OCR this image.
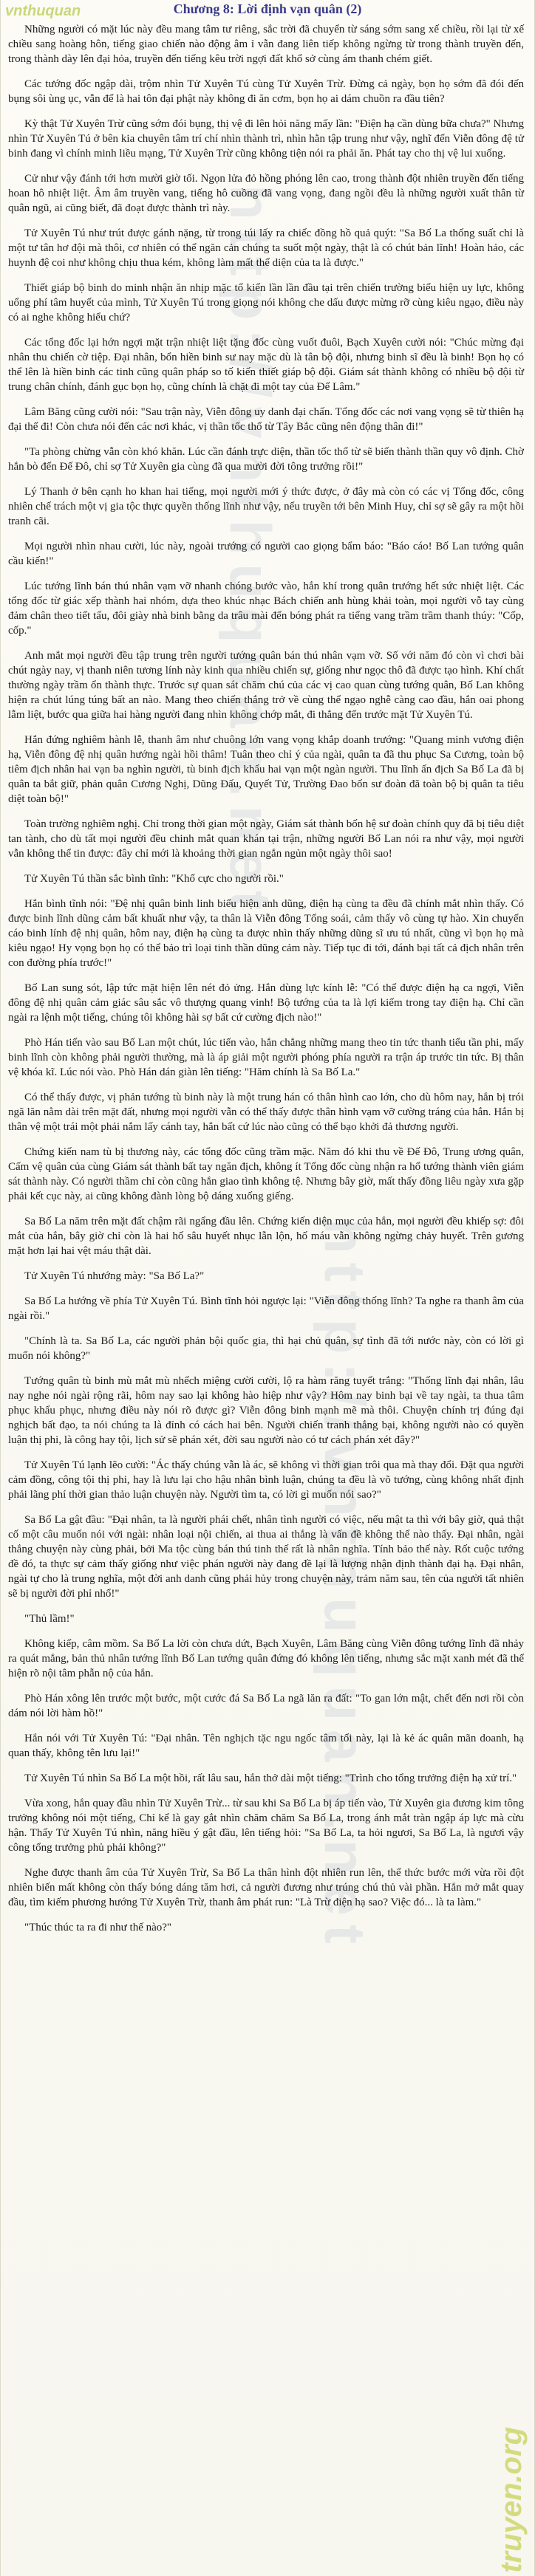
vnthuquan
http://vnthuquan.net
http://vnthuquan.net
truyen.org
Chương 8: Lời định vạn quân (2)

Những người có mặt lúc này đều mang tâm tư riêng, sắc trời đã chuyển từ sáng sớm sang xế chiều, rồi lại từ xế chiều sang hoàng hôn, tiếng giao chiến nào động âm ỉ vẫn đang liên tiếp không ngừng từ trong thành truyền đến, trong thành dày lên đại hỏa, truyền đến tiếng kêu trời ngợi đất khổ sở cùng ám thanh chém giết.

Các tướng đốc ngập dài, trộm nhìn Tử Xuyên Tú cùng Tử Xuyên Trừ. Đừng cả ngày, bọn họ sớm đã đói đến bụng sôi ùng ục, vẫn để là hai tôn đại phật này không đi ăn cơm, bọn họ ai dám chuồn ra đầu tiên?

Kỳ thật Tử Xuyên Trừ cũng sớm đói bụng, thị vệ đi lên hỏi năng mấy lần: "Điện hạ cần dùng bữa chưa?" Nhưng nhìn Tử Xuyên Tú ở bên kia chuyên tâm trí chí nhìn thành trì, nhìn hằn tập trung như vậy, nghĩ đến Viễn đông đệ tử binh đang vì chính minh liều mạng, Tử Xuyên Trừ cũng không tiện nói ra phải ăn. Phát tay cho thị vệ lui xuống.

Cử như vậy đánh tới hơn mười giờ tối. Ngọn lửa đỏ hồng phóng lên cao, trong thành đột nhiên truyền đến tiếng hoan hô nhiệt liệt. Âm âm truyền vang, tiếng hô cuồng đã vang vọng, đang ngồi đều là những người xuất thân từ quân ngũ, ai cũng biết, đã đoạt được thành trì này.

Tử Xuyên Tú như trút được gánh nặng, từ trong túi lấy ra chiếc đồng hồ quả quýt: "Sa Bố La thống suất chỉ là một tư tân hơ đội mà thôi, cơ nhiên có thể ngăn cản chúng ta suốt một ngày, thật là có chút bản lĩnh! Hoàn hảo, các huynh đệ coi như không chịu thua kém, không làm mất thể diện của ta là được."

Thiết giáp bộ binh do minh nhận ăn nhịp mặc tố kiến lần lần đầu tại trên chiến trường biểu hiện uy lực, không uổng phí tâm huyết của mình, Tử Xuyên Tú trong giọng nói không che dấu được mừng rỡ cùng kiêu ngạo, điều này có ai nghe không hiểu chứ?

Các tổng đốc lại hớn ngợi mặt trận nhiệt liệt tặng đốc cùng vuốt đuôi, Bạch Xuyên cười nói: "Chúc mừng đại nhân thu chiến cờ tiệp. Đại nhân, bổn hiền binh sư nay mặc dù là tân bộ đội, nhưng binh sĩ đều là binh! Bọn họ có thể lên là hiền binh các tinh cũng quân pháp so tố kiến thiết giáp bộ đội. Giám sát thành không có nhiều bộ đội từ trung chân chính, đánh gục bọn họ, cũng chính là chặt đi một tay của Đế Lâm."

Lâm Băng cũng cười nói: "Sau trận này, Viễn đông uy danh đại chấn. Tổng đốc các nơi vang vọng sẽ từ thiên hạ đại thế đi! Còn chưa nói đến các nơi khác, vị thần tốc thổ từ Tây Bắc cũng nên động thân đi!"

"Ta phòng chừng vẫn còn khó khăn. Lúc cần đánh trực diện, thần tốc thổ từ sẽ biến thành thần quy vô định. Chờ hắn bò đến Đế Đô, chỉ sợ Tử Xuyên gia cùng đã qua mười đời tông trưởng rồi!"

Lý Thanh ở bên cạnh ho khan hai tiếng, mọi người mới ý thức được, ở đây mà còn có các vị Tổng đốc, công nhiên chế trách một vị gia tộc thực quyền thống lĩnh như vậy, nếu truyền tới bên Minh Huy, chỉ sợ sẽ gây ra một hồi tranh cãi.

Mọi người nhìn nhau cười, lúc này, ngoài trướng có người cao giọng bẩm báo: "Báo cáo! Bố Lan tướng quân cầu kiến!"

Lúc tướng lĩnh bán thú nhân vạm vỡ nhanh chóng bước vào, hắn khí trong quân trướng hết sức nhiệt liệt. Các tổng đốc từ giác xếp thành hai nhóm, dựa theo khúc nhạc Bách chiến anh hùng khải toàn, mọi người vỗ tay cùng đảm chân theo tiết tấu, đôi giày nhà binh bằng da trâu mài đến bóng phát ra tiếng vang trầm trầm thanh thúy: "Cốp, cốp."

Anh mắt mọi người đều tập trung trên người tướng quân bán thú nhân vạm vỡ. Số với năm đó còn vì chơi bài chút ngày nay, vị thanh niên tương lính này kinh qua nhiều chiến sự, giống như ngọc thô đã được tạo hình. Khí chất thường ngày trầm ổn thành thực. Trước sự quan sát chăm chú của các vị cao quan cùng tướng quân, Bố Lan không hiện ra chút lúng túng bất an nào. Mang theo chiến thắng trở về cùng thể ngạo nghễ càng cao đầu, hắn oai phong lẫm liệt, bước qua giữa hai hàng người đang nhìn không chớp mắt, đi thẳng đến trước mặt Tử Xuyên Tú.

Hắn đứng nghiêm hành lễ, thanh âm như chuông lớn vang vọng khắp doanh trướng: "Quang minh vương điện hạ, Viễn đông đệ nhị quân hướng ngài hồi thâm! Tuân theo chỉ ý của ngài, quân ta đã thu phục Sa Cương, toàn bộ tiêm địch nhân hai vạn ba nghìn người, tù binh địch khẩu hai vạn một ngàn người. Thu lĩnh ấn địch Sa Bố La đã bị quân ta bắt giữ, phản quân Cương Nghị, Dũng Đấu, Quyết Tử, Trường Đao bốn sư đoàn đã toàn bộ bị quân ta tiêu diệt toàn bộ!"

Toàn trường nghiêm nghị. Chỉ trong thời gian một ngày, Giám sát thành bốn hệ sư đoàn chính quy đã bị tiêu diệt tan tành, cho dù tất mọi người đều chinh mắt quan khán tại trận, những người Bố Lan nói ra như vậy, mọi người vẫn không thể tin được: đây chỉ mới là khoảng thời gian ngắn ngủn một ngày thôi sao!

Tử Xuyên Tú thần sắc bình tĩnh: "Khổ cực cho người rồi."

Hắn bình tĩnh nói: "Đệ nhị quân binh linh biểu hiện anh dũng, điện hạ cùng ta đều đã chính mắt nhìn thấy. Có được binh lĩnh dũng cảm bất khuất như vậy, ta thân là Viễn đông Tổng soái, cảm thấy vô cùng tự hào. Xin chuyển cáo binh lính đệ nhị quân, hôm nay, điện hạ cùng ta được nhìn thấy những dũng sĩ ưu tú nhất, cũng vì bọn họ mà kiêu ngạo! Hy vọng bọn họ có thể bảo trì loại tinh thần dũng cảm này. Tiếp tục đi tới, đánh bại tất cả địch nhân trên con đường phía trước!"

Bố Lan sung sót, lập tức mặt hiện lên nét đỏ ửng. Hắn dùng lực kính lễ: "Có thể được điện hạ ca ngợi, Viễn đông đệ nhị quân cảm giác sâu sắc vô thượng quang vinh! Bộ tướng của ta là lợi kiếm trong tay điện hạ. Chỉ cần ngài ra lệnh một tiếng, chúng tôi không hài sợ bất cứ cường địch nào!"

Phò Hán tiến vào sau Bố Lan một chút, lúc tiến vào, hắn chẳng những mang theo tin tức thanh tiểu tần phi, mấy binh lĩnh còn không phải người thường, mà là áp giải một người phóng phía người ra trận áp trước tin tức. Bị thân vệ khóa kĩ. Lúc nói vào. Phò Hán dán giàn lên tiếng: "Hăm chính là Sa Bố La."

Có thể thấy được, vị phản tướng tù binh này là một trung hán có thân hình cao lớn, cho dù hôm nay, hắn bị trói ngã lăn nằm dài trên mặt đất, nhưng mọi người vẫn có thể thấy được thân hình vạm vỡ cường tráng của hắn. Hắn bị thân vệ một trái một phải nắm lấy cánh tay, hắn bất cứ lúc nào cũng có thể bạo khởi đả thương người.

Chứng kiến nam tù bị thương này, các tổng đốc cũng trầm mặc. Năm đó khi thu về Đế Đô, Trung ương quân, Cấm vệ quân của cùng Giám sát thành bất tay ngăn địch, không ít Tổng đốc cùng nhận ra hổ tướng thành viên giám sát thành này. Có người thầm chỉ còn cũng hắn giao tình không tệ. Nhưng bây giờ, mất thấy đồng liêu ngày xưa gặp phải kết cục này, ai cũng không đành lòng bộ dáng xuống giếng.

Sa Bố La năm trên mặt đất chậm rãi ngẩng đầu lên. Chứng kiến diện mục của hắn, mọi người đều khiếp sợ: đôi mắt của hắn, bây giờ chỉ còn là hai hố sâu huyết nhục lẫn lộn, hố máu vẫn không ngừng chảy huyết. Trên gương mặt hơn lại hai vệt máu thật dài.

Tử Xuyên Tú nhướng mày: "Sa Bố La?"

Sa Bố La hướng về phía Tử Xuyên Tú. Bình tĩnh hỏi ngược lại: "Viễn đông thống lĩnh? Ta nghe ra thanh âm của ngài rồi."

"Chính là ta. Sa Bố La, các người phản bội quốc gia, thì hại chủ quân, sự tình đã tới nước này, còn có lời gì muốn nói không?"

Tướng quân tù binh mù mắt mù nhếch miệng cười cười, lộ ra hàm răng tuyết trắng: "Thống lĩnh đại nhân, lâu nay nghe nói ngài rộng rãi, hôm nay sao lại không hào hiệp như vậy? Hôm nay binh bại về tay ngài, ta thua tâm phục khẩu phục, nhưng điều này nói rõ được gì? Viễn đông binh mạnh mẽ mà thôi. Chuyện chính trị đúng đại nghịch bất đạo, ta nói chúng ta là đỉnh có cách hai bên. Người chiến tranh thắng bại, không người nào có quyền luận thị phi, là công hay tội, lịch sử sẽ phán xét, đời sau người nào có tư cách phán xét đây?"

Tử Xuyên Tú lạnh lẽo cười: "Ác thấy chúng vẫn là ác, sẽ không vì thời gian trôi qua mà thay đổi. Đặt qua người cảm đồng, công tội thị phi, hay là lưu lại cho hậu nhân bình luận, chúng ta đều là võ tướng, cùng không nhất định phải lãng phí thời gian thảo luận chuyện này. Người tìm ta, có lời gì muốn nói sao?"

Sa Bố La gật đầu: "Đại nhân, ta là người phái chết, nhân tình người có việc, nếu mật ta thì với bây giờ, quả thật cố một câu muốn nói với ngài: nhân loại nội chiến, ai thua ai thắng là vấn đề không thể nào thấy. Đại nhân, ngài thắng chuyện này cùng phải, bởi Ma tộc cùng bán thú tinh thế rất là nhân nghĩa. Tính bảo thế này. Rốt cuộc tướng đề đó, ta thực sự cảm thấy giống như việc phán người này đang đề lại là lượng nhận định thành đại hạ. Đại nhân, ngài tự cho là trung nghĩa, một đời anh danh cũng phải hủy trong chuyện này, trảm năm sau, tên của người tất nhiên sẽ bị người đời phỉ nhổ!"

"Thủ lầm!"

Không kiếp, câm mồm. Sa Bố La lời còn chưa dứt, Bạch Xuyên, Lâm Băng cùng Viễn đông tướng lĩnh đã nhảy ra quát mắng, bản thủ nhân tướng lĩnh Bố Lan tướng quân đứng đó không lên tiếng, nhưng sắc mặt xanh mét đã thể hiện rõ nội tâm phẫn nộ của hắn.

Phò Hán xông lên trước một bước, một cước đá Sa Bố La ngã lăn ra đất: "To gan lớn mật, chết đến nơi rồi còn dám nói lời hàm hồ!"

Hắn nói với Tử Xuyên Tú: "Đại nhân. Tên nghịch tặc ngu ngốc tâm tối này, lại là kẻ ác quân mãn doanh, hạ quan thấy, không tên lưu lại!"

Tử Xuyên Tú nhìn Sa Bố La một hồi, rất lâu sau, hắn thở dài một tiếng: "Trình cho tổng trưởng điện hạ xử trí."

Vừa xong, hắn quay đầu nhìn Tử Xuyên Trừ... từ sau khi Sa Bố La bị áp tiến vào, Tử Xuyên gia đương kim tông trưởng không nói một tiếng, Chỉ kể là gay gắt nhìn chăm chăm Sa Bố La, trong ánh mắt tràn ngập áp lực mà cừu hận. Thấy Tử Xuyên Tú nhìn, năng hiều ý gật đầu, lên tiếng hỏi: "Sa Bố La, ta hỏi ngươi, Sa Bố La, là ngươi vậy công tổng trưởng phủ phải không?"

Nghe được thanh âm của Tử Xuyên Trừ, Sa Bố La thân hình đột nhiên run lên, thể thức bước mới vừa rồi đột nhiên biến mất không còn thấy bóng dáng tăm hơi, cả người đương như trúng chú thủ vài phần. Hắn mở mắt quay đầu, tìm kiếm phương hướng Tử Xuyên Trừ, thanh âm phát run: "Là Trừ điện hạ sao? Việc đó... là ta làm."

"Thúc thúc ta ra đi như thế nào?"
